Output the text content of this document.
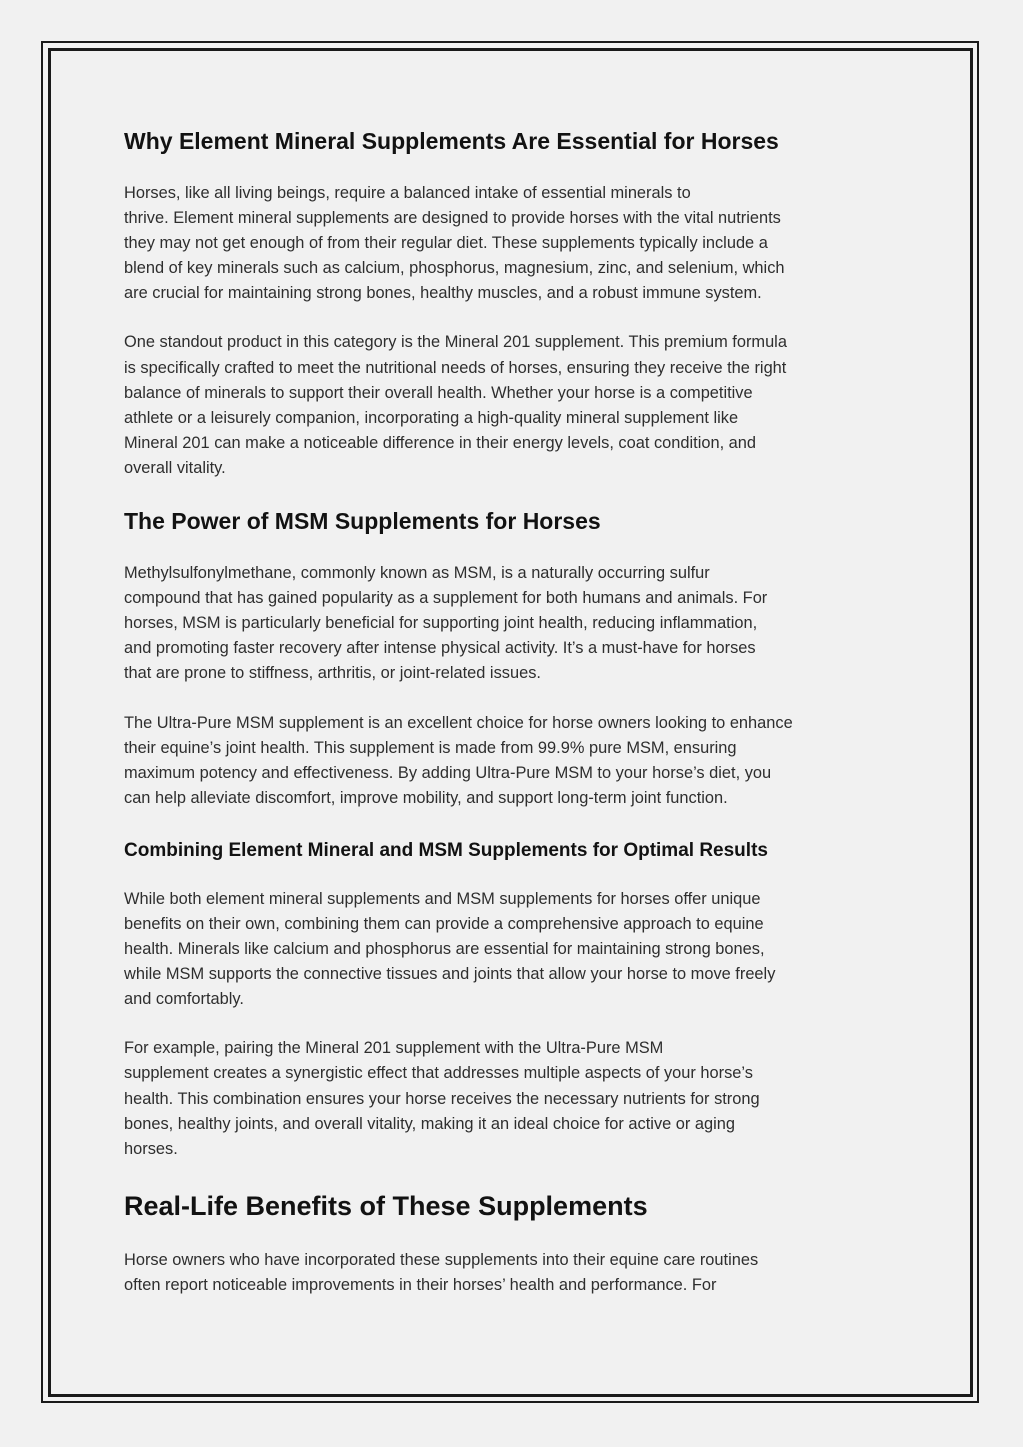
Why Element Mineral Supplements Are Essential for Horses

Horses, like all living beings, require a balanced intake of essential minerals to
thrive. Element mineral supplements are designed to provide horses with the vital nutrients
they may not get enough of from their regular diet. These supplements typically include a
blend of key minerals such as calcium, phosphorus, magnesium, zinc, and selenium, which
are crucial for maintaining strong bones, healthy muscles, and a robust immune system.

One standout product in this category is the Mineral 201 supplement. This premium formula
is specifically crafted to meet the nutritional needs of horses, ensuring they receive the right
balance of minerals to support their overall health. Whether your horse is a competitive
athlete or a leisurely companion, incorporating a high-quality mineral supplement like
Mineral 201 can make a noticeable difference in their energy levels, coat condition, and
overall vitality.

The Power of MSM Supplements for Horses

Methylsulfonylmethane, commonly known as MSM, is a naturally occurring sulfur
compound that has gained popularity as a supplement for both humans and animals. For
horses, MSM is particularly beneficial for supporting joint health, reducing inflammation,
and promoting faster recovery after intense physical activity. It’s a must-have for horses
that are prone to stiffness, arthritis, or joint-related issues.

The Ultra-Pure MSM supplement is an excellent choice for horse owners looking to enhance
their equine’s joint health. This supplement is made from 99.9% pure MSM, ensuring
maximum potency and effectiveness. By adding Ultra-Pure MSM to your horse’s diet, you
can help alleviate discomfort, improve mobility, and support long-term joint function.

Combining Element Mineral and MSM Supplements for Optimal Results

While both element mineral supplements and MSM supplements for horses offer unique
benefits on their own, combining them can provide a comprehensive approach to equine
health. Minerals like calcium and phosphorus are essential for maintaining strong bones,
while MSM supports the connective tissues and joints that allow your horse to move freely
and comfortably.

For example, pairing the Mineral 201 supplement with the Ultra-Pure MSM
supplement creates a synergistic effect that addresses multiple aspects of your horse’s
health. This combination ensures your horse receives the necessary nutrients for strong
bones, healthy joints, and overall vitality, making it an ideal choice for active or aging
horses.

Real-Life Benefits of These Supplements

Horse owners who have incorporated these supplements into their equine care routines
often report noticeable improvements in their horses’ health and performance. For
